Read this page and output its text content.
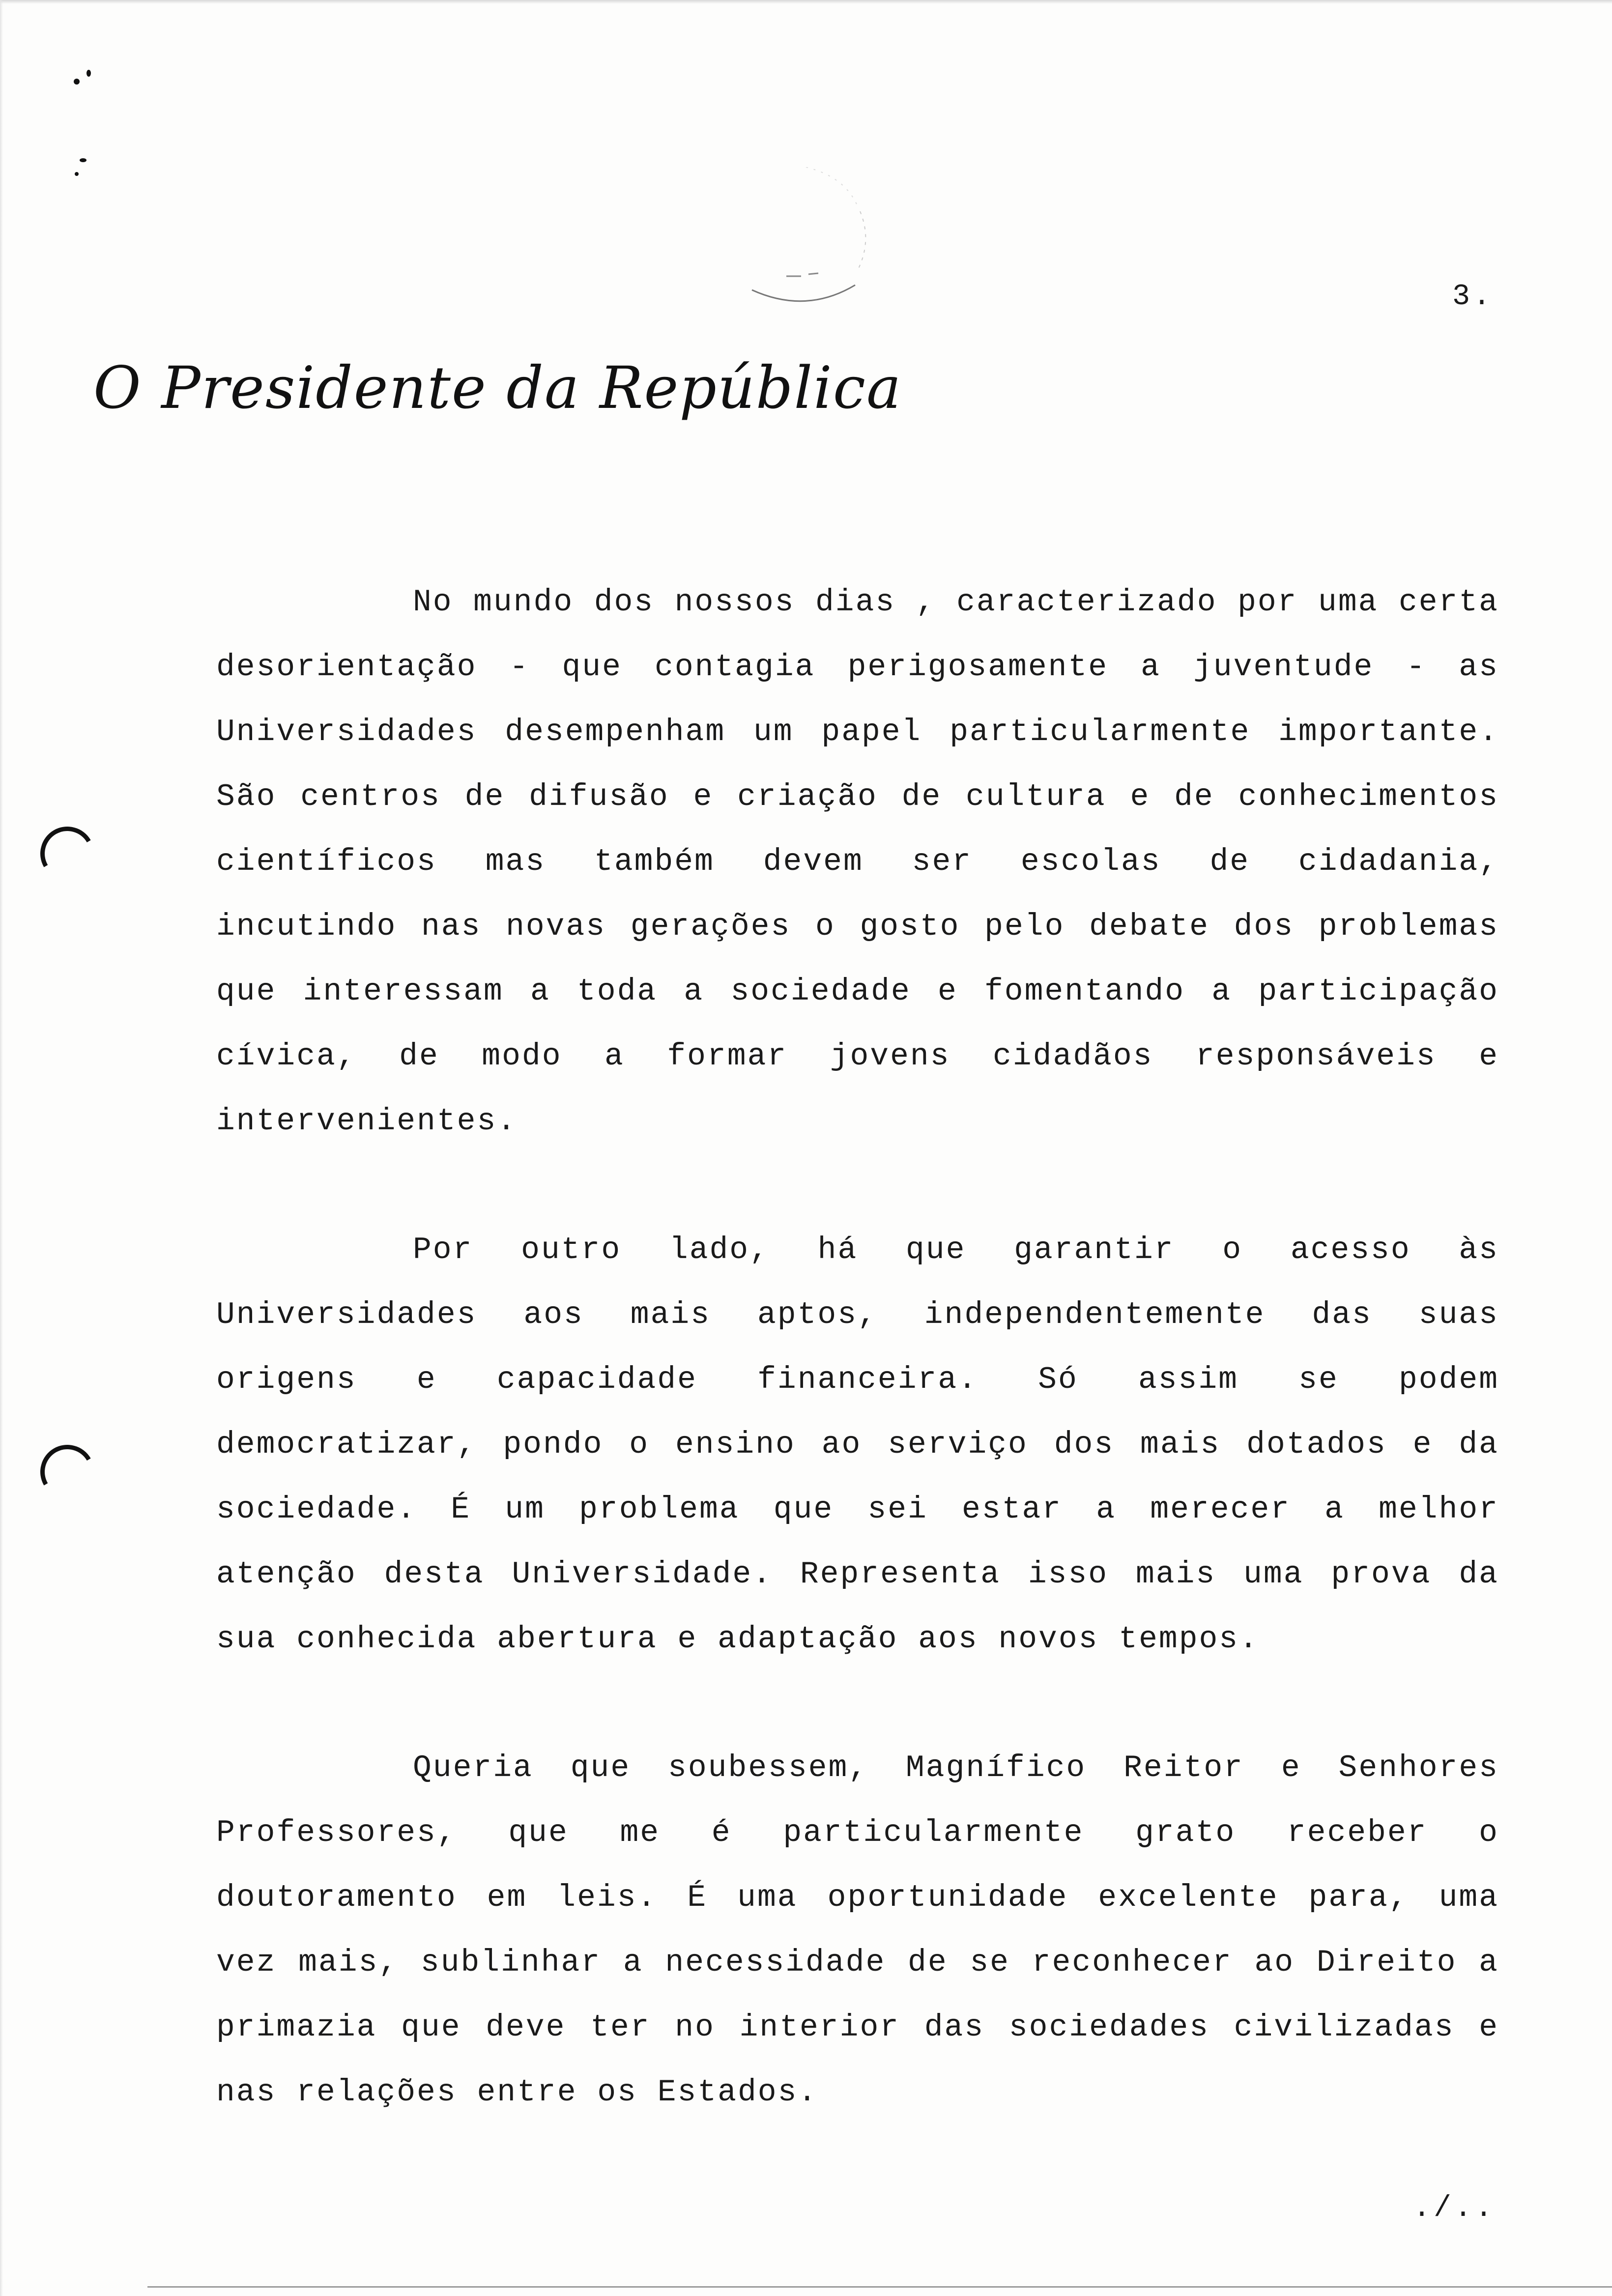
3.
O Presidente da República

No mundo dos nossos dias , caracterizado por uma certa desorientação - que contagia perigosamente a juventude - as Universidades desempenham um papel particularmente importante. São centros de difusão e criação de cultura e de conhecimentos científicos mas também devem ser escolas de cidadania, incutindo nas novas gerações o gosto pelo debate dos problemas que interessam a toda a sociedade e fomentando a participação cívica, de modo a formar jovens cidadãos responsáveis e intervenientes.

Por outro lado, há que garantir o acesso às Universidades aos mais aptos, independentemente das suas origens e capacidade financeira. Só assim se podem democratizar, pondo o ensino ao serviço dos mais dotados e da sociedade. É um problema que sei estar a merecer a melhor atenção desta Universidade. Representa isso mais uma prova da sua conhecida abertura e adaptação aos novos tempos.

Queria que soubessem, Magnífico Reitor e Senhores Professores, que me é particularmente grato receber o doutoramento em leis. É uma oportunidade excelente para, uma vez mais, sublinhar a necessidade de se reconhecer ao Direito a primazia que deve ter no interior das sociedades civilizadas e nas relações entre os Estados.

./..
